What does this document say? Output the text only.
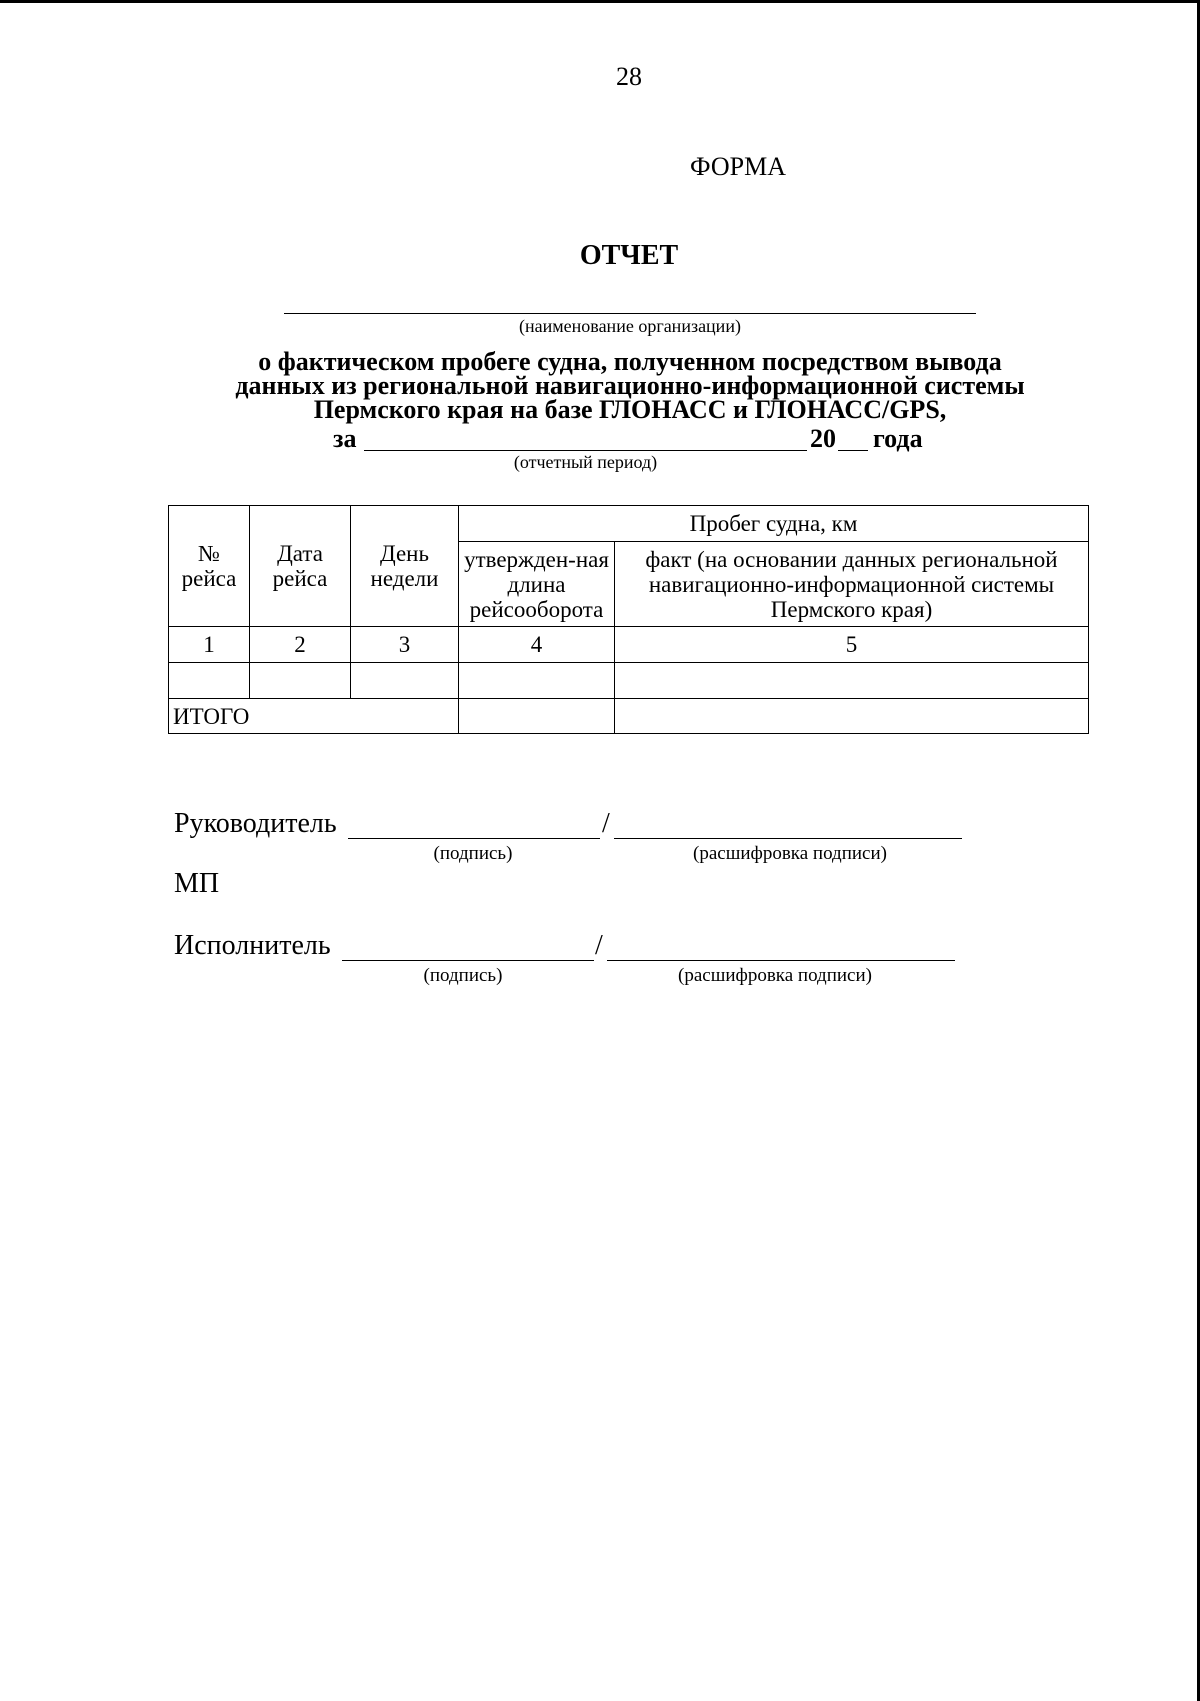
28
ФОРМА
ОТЧЕТ
(наименование организации)
о фактическом пробеге судна, полученном посредством вывода
данных из региональной навигационно-информационной системы
Пермского края на базе ГЛОНАСС и ГЛОНАСС/GPS,
за	20 года
(отчетный период)
№ рейса	Дата рейса	День недели	Пробег судна, км	
			утвержден-ная длина рейсооборота	факт (на основании данных региональной навигационно-информационной системы Пермского края)
1	2	3	4	5

ИТОГО				
Руководитель	/
(подпись)	(расшифровка подписи)
МП
Исполнитель	/
(подпись)	(расшифровка подписи)
